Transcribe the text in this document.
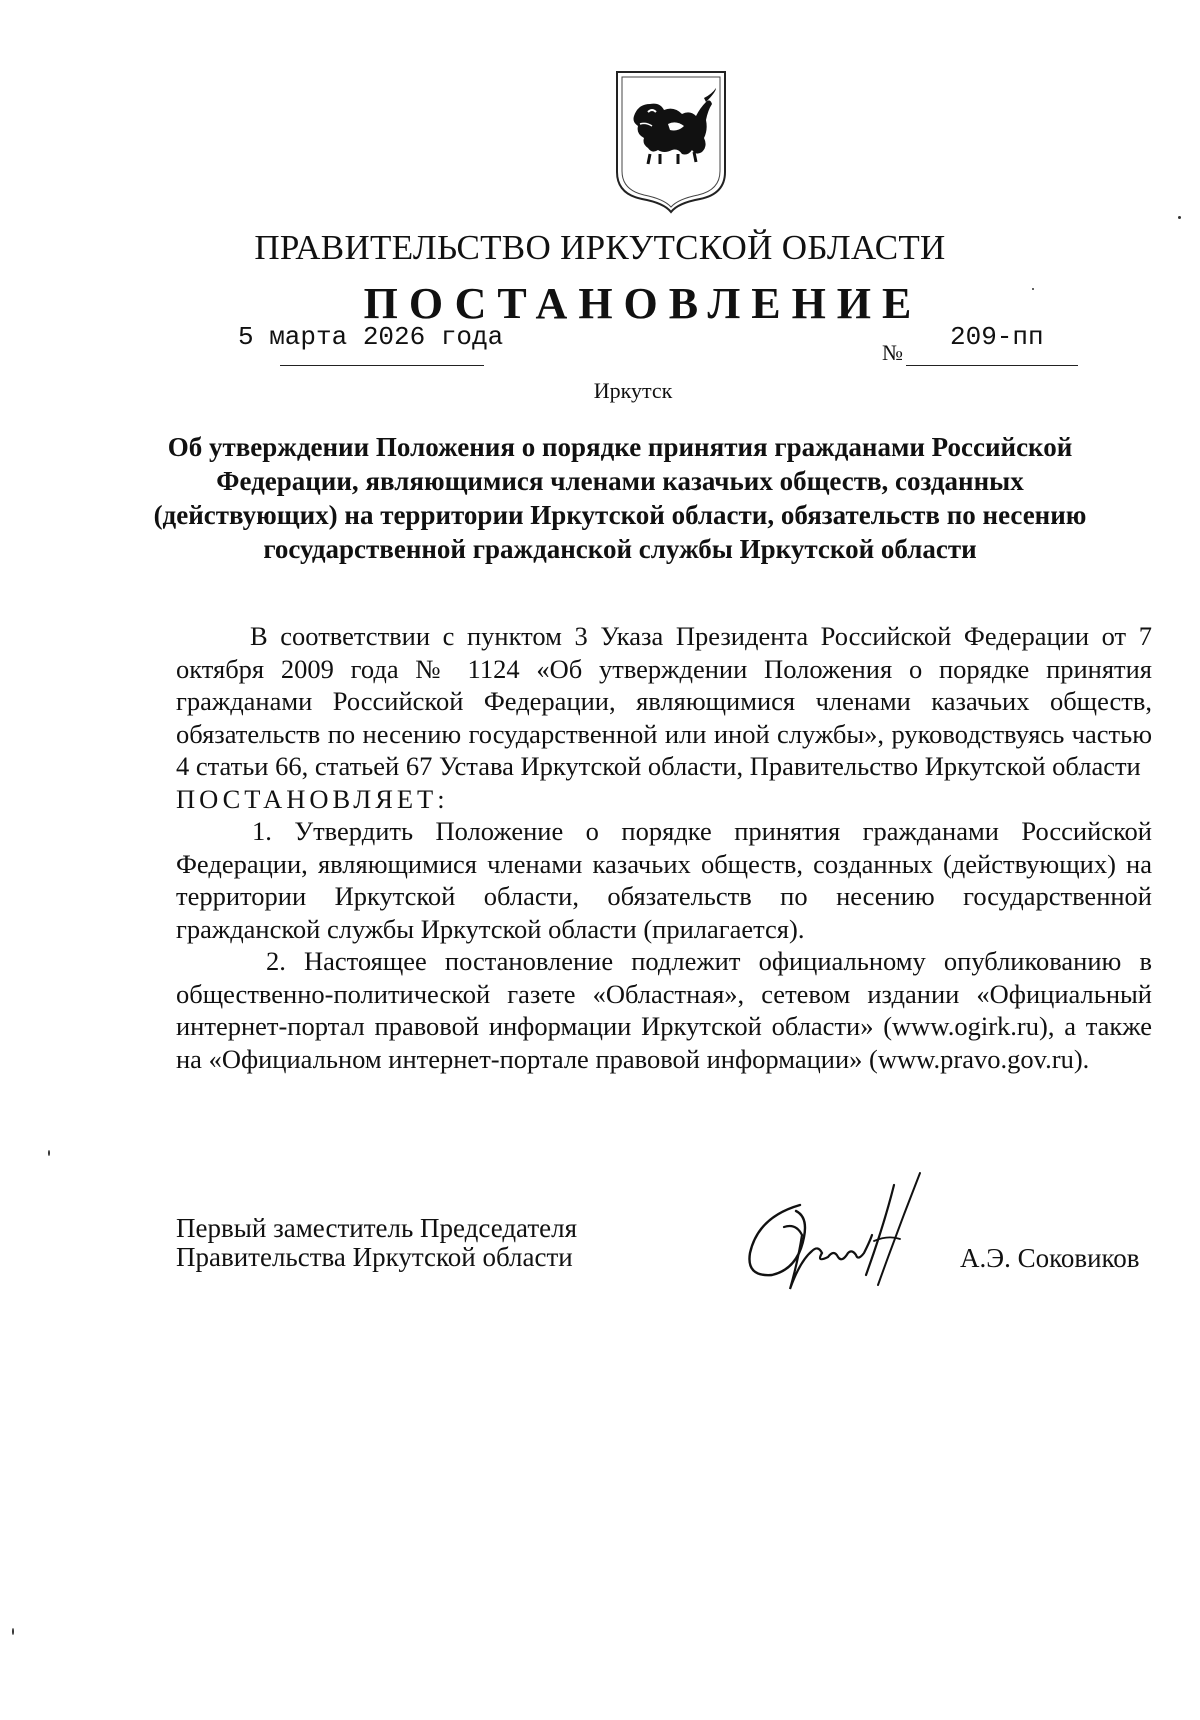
ПРАВИТЕЛЬСТВО ИРКУТСКОЙ ОБЛАСТИ
ПОСТАНОВЛЕНИЕ
5 марта 2026 года
№
209-пп
Иркутск
Об утверждении Положения о порядке принятия гражданами Российской Федерации, являющимися членами казачьих обществ, созданных (действующих) на территории Иркутской области, обязательств по несению государственной гражданской службы Иркутской области

В соответствии с пунктом 3 Указа Президента Российской Федерации от 7 октября 2009 года № 1124 «Об утверждении Положения о порядке принятия гражданами Российской Федерации, являющимися членами казачьих обществ, обязательств по несению государственной или иной службы», руководствуясь частью 4 статьи 66, статьей 67 Устава Иркутской области, Правительство Иркутской области

ПОСТАНОВЛЯЕТ:

1. Утвердить Положение о порядке принятия гражданами Российской Федерации, являющимися членами казачьих обществ, созданных (действующих) на территории Иркутской области, обязательств по несению государственной гражданской службы Иркутской области (прилагается).

2. Настоящее постановление подлежит официальному опубликованию в общественно-политической газете «Областная», сетевом издании «Официальный интернет-портал правовой информации Иркутской области» (www.ogirk.ru), а также на «Официальном интернет-портале правовой информации» (www.pravo.gov.ru).

Первый заместитель Председателя
Правительства Иркутской области	А.Э. Соковиков
